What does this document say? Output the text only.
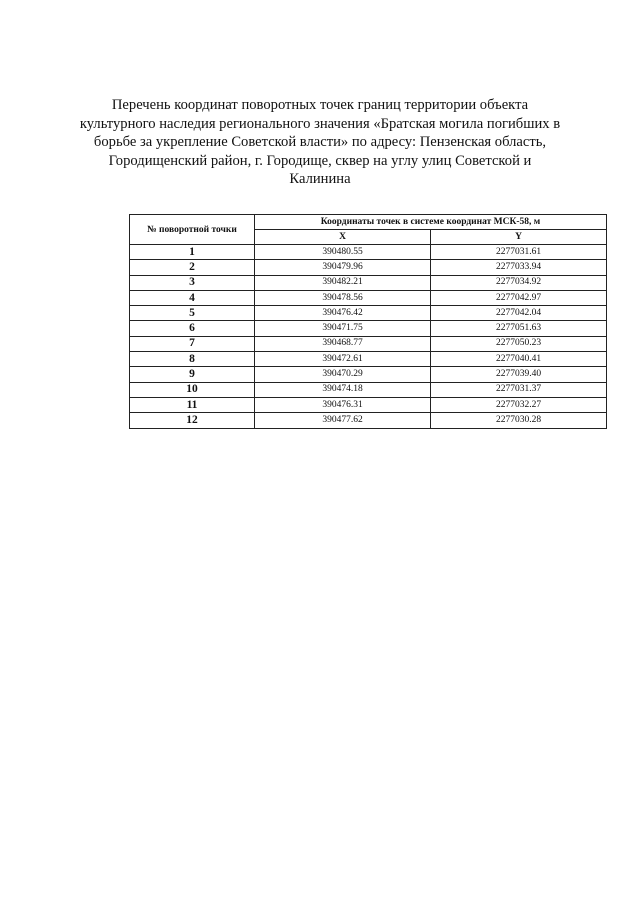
Перечень координат поворотных точек границ территории объекта
культурного наследия регионального значения «Братская могила погибших в
борьбе за укрепление Советской власти» по адресу: Пензенская область,
Городищенский район, г. Городище, сквер на углу улиц Советской и
Калинина
№ поворотной точки	Координаты точек в системе координат МСК-58, м	
	X	Y
1	390480.55	2277031.61
2	390479.96	2277033.94
3	390482.21	2277034.92
4	390478.56	2277042.97
5	390476.42	2277042.04
6	390471.75	2277051.63
7	390468.77	2277050.23
8	390472.61	2277040.41
9	390470.29	2277039.40
10	390474.18	2277031.37
11	390476.31	2277032.27
12	390477.62	2277030.28
